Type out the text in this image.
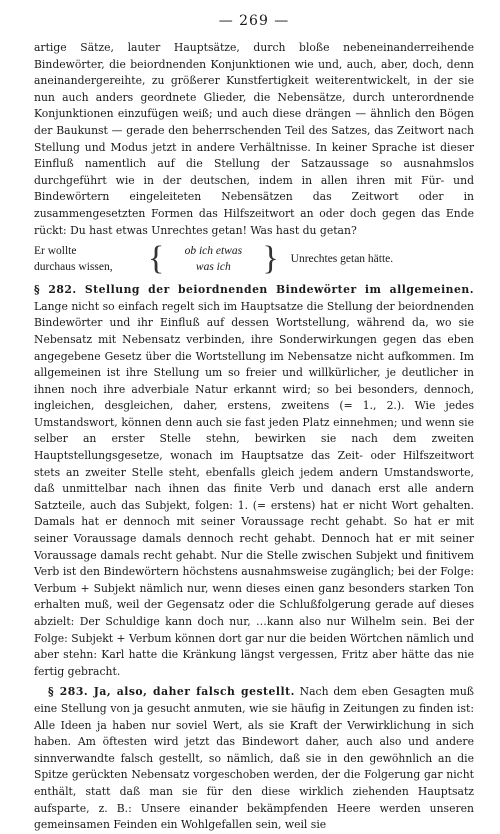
— 269 —

artige Sätze, lauter Hauptsätze, durch bloße nebeneinanderreihende Bindewörter, die beiordnenden Konjunktionen wie und, auch, aber, doch, denn aneinandergereihte, zu größerer Kunstfertigkeit weiterentwickelt, in der sie nun auch anders geordnete Glieder, die Nebensätze, durch unterordnende Konjunktionen einzufügen weiß; und auch diese drängen — ähnlich den Bögen der Baukunst — gerade den beherrschenden Teil des Satzes, das Zeitwort nach Stellung und Modus jetzt in andere Verhältnisse. In keiner Sprache ist dieser Einfluß namentlich auf die Stellung der Satzaussage so ausnahmslos durchgeführt wie in der deutschen, indem in allen ihren mit Für- und Bindewörtern eingeleiteten Nebensätzen das Zeitwort oder in zusammengesetzten Formen das Hilfszeitwort an oder doch gegen das Ende rückt: Du hast etwas Unrechtes getan! Was hast du getan?

Er wollte
durchaus wissen,	{	ob ich etwas
was ich } Unrechtes getan hätte.

§ 282. Stellung der beiordnenden Bindewörter im allgemeinen. Lange nicht so einfach regelt sich im Hauptsatze die Stellung der beiordnenden Bindewörter und ihr Einfluß auf dessen Wortstellung, während da, wo sie Nebensatz mit Nebensatz verbinden, ihre Sonderwirkungen gegen das eben angegebene Gesetz über die Wortstellung im Nebensatze nicht aufkommen. Im allgemeinen ist ihre Stellung um so freier und willkürlicher, je deutlicher in ihnen noch ihre adverbiale Natur erkannt wird; so bei besonders, dennoch, ingleichen, desgleichen, daher, erstens, zweitens (= 1., 2.). Wie jedes Umstandswort, können denn auch sie fast jeden Platz einnehmen; und wenn sie selber an erster Stelle stehn, bewirken sie nach dem zweiten Hauptstellungsgesetze, wonach im Hauptsatze das Zeit- oder Hilfszeitwort stets an zweiter Stelle steht, ebenfalls gleich jedem andern Umstandsworte, daß unmittelbar nach ihnen das finite Verb und danach erst alle andern Satzteile, auch das Subjekt, folgen: 1. (= erstens) hat er nicht Wort gehalten. Damals hat er dennoch mit seiner Voraussage recht gehabt. So hat er mit seiner Voraussage damals dennoch recht gehabt. Dennoch hat er mit seiner Voraussage damals recht gehabt. Nur die Stelle zwischen Subjekt und finitivem Verb ist den Bindewörtern höchstens ausnahmsweise zugänglich; bei der Folge: Verbum + Subjekt nämlich nur, wenn dieses einen ganz besonders starken Ton erhalten muß, weil der Gegensatz oder die Schlußfolgerung gerade auf dieses abzielt: Der Schuldige kann doch nur, …kann also nur Wilhelm sein. Bei der Folge: Subjekt + Verbum können dort gar nur die beiden Wörtchen nämlich und aber stehn: Karl hatte die Kränkung längst vergessen, Fritz aber hätte das nie fertig gebracht.

§ 283. Ja, also, daher falsch gestellt. Nach dem eben Gesagten muß eine Stellung von ja gesucht anmuten, wie sie häufig in Zeitungen zu finden ist: Alle Ideen ja haben nur soviel Wert, als sie Kraft der Verwirklichung in sich haben. Am öftesten wird jetzt das Bindewort daher, auch also und andere sinnverwandte falsch gestellt, so nämlich, daß sie in den gewöhnlich an die Spitze gerückten Nebensatz vorgeschoben werden, der die Folgerung gar nicht enthält, statt daß man sie für den diese wirklich ziehenden Hauptsatz aufsparte, z. B.: Unsere einander bekämpfenden Heere werden unseren gemeinsamen Feinden ein Wohlgefallen sein, weil sie
